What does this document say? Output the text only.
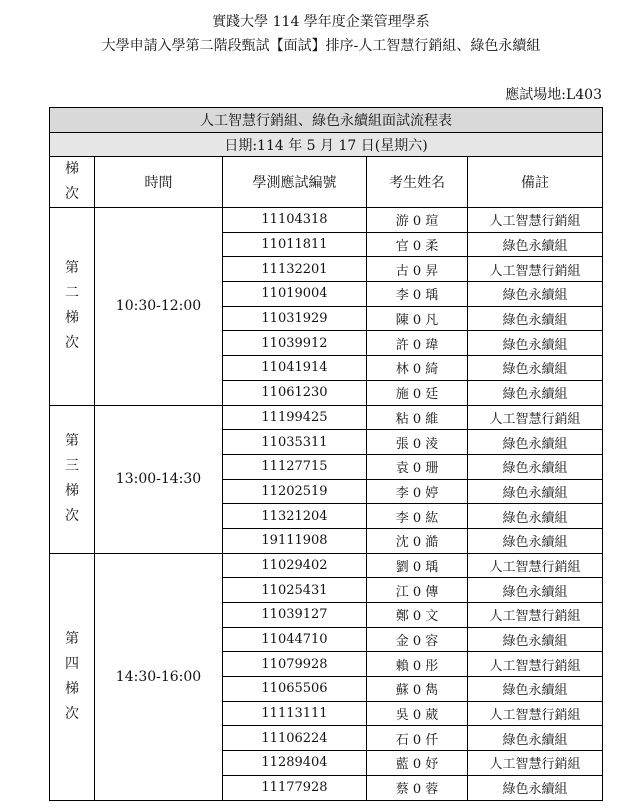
實踐大學 114 學年度企業管理學系
大學申請入學第二階段甄試【面試】排序-人工智慧行銷組、綠色永續組
應試場地:L403
人工智慧行銷組、綠色永續組面試流程表				
日期:114 年 5 月 17 日(星期六)				

梯
次	時間	學測應試編號	考生姓名	備註

第
二
梯
次	10:30-12:00	11104318	游 0 瑄	人工智慧行銷組
		11011811	官 0 柔	綠色永續組
		11132201	古 0 昇	人工智慧行銷組
		11019004	李 0 瑀	綠色永續組
		11031929	陳 0 凡	綠色永續組
		11039912	許 0 瑋	綠色永續組
		11041914	林 0 綺	綠色永續組
		11061230	施 0 廷	綠色永續組

第
三
梯
次	13:00-14:30	11199425	粘 0 維	人工智慧行銷組
		11035311	張 0 淩	綠色永續組
		11127715	袁 0 珊	綠色永續組
		11202519	李 0 婷	綠色永續組
		11321204	李 0 紘	綠色永續組
		19111908	沈 0 澔	綠色永續組

第
四
梯
次	14:30-16:00	11029402	劉 0 瑀	人工智慧行銷組
		11025431	江 0 傳	綠色永續組
		11039127	鄭 0 文	人工智慧行銷組
		11044710	金 0 容	綠色永續組
		11079928	賴 0 彤	人工智慧行銷組
		11065506	蘇 0 雋	綠色永續組
		11113111	吳 0 葳	人工智慧行銷組
		11106224	石 0 仟	綠色永續組
		11289404	藍 0 妤	人工智慧行銷組
		11177928	蔡 0 蓉	綠色永續組
